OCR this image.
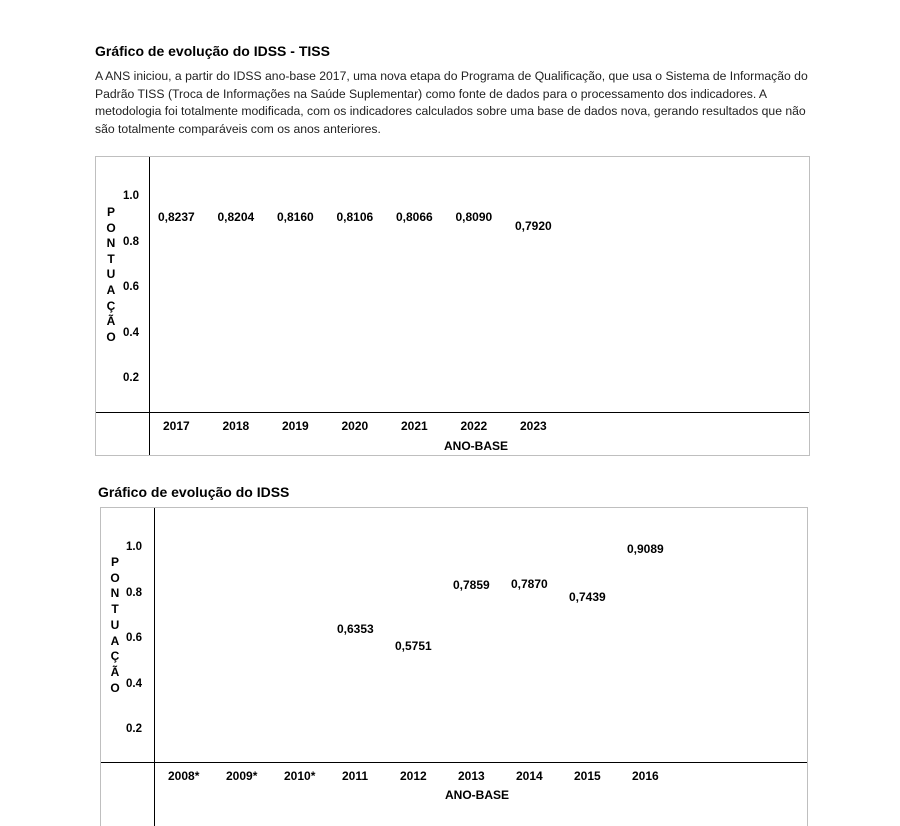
Gráfico de evolução do IDSS - TISS
A ANS iniciou, a partir do IDSS ano-base 2017, uma nova etapa do Programa de Qualificação, que usa o Sistema de Informação do Padrão TISS (Troca de Informações na Saúde Suplementar) como fonte de dados para o processamento dos indicadores. A metodologia foi totalmente modificada, com os indicadores calculados sobre uma base de dados nova, gerando resultados que não são totalmente comparáveis com os anos anteriores.
P
O
N
T
U
A
Ç
Ã
O
1.0
0.8
0.6
0.4
0.2
0,8237 0,8204 0,8160 0,8106 0,8066 0,8090
0,7920
2017	2018	2019	2020	2021	2022	2023
ANO-BASE
Gráfico de evolução do IDSS
P
O
N
T
U
A
Ç
Ã
O
1.0
0.8
0.6
0.4
0.2
0,6353
0,5751
0,7859 0,7870
0,7439
0,9089
2008* 2009* 2010* 2011	2012	2013	2014	2015	2016
ANO-BASE
